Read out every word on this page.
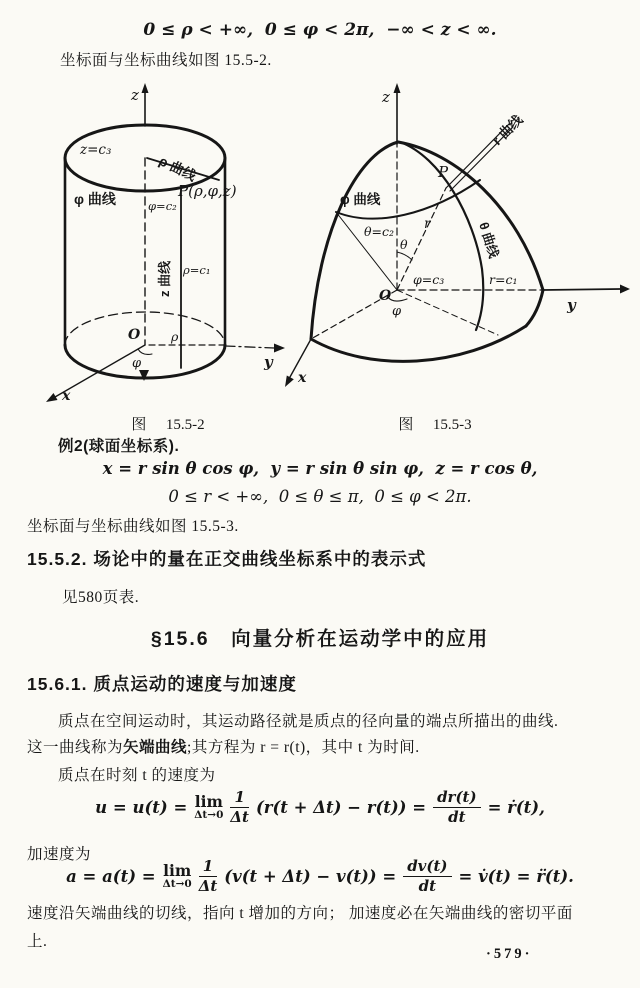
0 ≤ ρ < +∞,  0 ≤ φ < 2π,  −∞ < z < ∞.
坐标面与坐标曲线如图 15.5-2.
z
y
x
z=c₃
ρ 曲线
φ 曲线	φ=c₂
P(ρ,φ,z)
z 曲线 ρ=c₁
O ρ
φ
z
y
x
r 曲线
P
φ 曲线
θ=c₂ r
θ	θ 曲线
φ=c₃	r=c₁
O
φ
图  15.5-2	图  15.5-3
例2(球面坐标系).
x = r sin θ cos φ,  y = r sin θ sin φ,  z = r cos θ,
0 ≤ r < +∞,  0 ≤ θ ≤ π,  0 ≤ φ < 2π.
坐标面与坐标曲线如图 15.5-3.
15.5.2. 场论中的量在正交曲线坐标系中的表示式
见580页表.
§15.6　向量分析在运动学中的应用
15.6.1. 质点运动的速度与加速度
质点在空间运动时，其运动路径就是质点的径向量的端点所描出的曲线.
这一曲线称为矢端曲线;其方程为 r = r(t)，其中 t 为时间.
质点在时刻 t 的速度为
u = u(t) = lim
$\Delta t\to 0 \frac{1}{\Delta t} (r(t + \Delta t) - r(t)) = \frac{dr(t)}{dt}$ = ṙ(t),
加速度为
a = a(t) = lim
$\Delta t\to 0 \frac{1}{\Delta t} (v(t + \Delta t) - v(t)) = \frac{dv(t)}{dt}$ = v̇(t) = r̈(t).
速度沿矢端曲线的切线，指向 t 增加的方向； 加速度必在矢端曲线的密切平面
上.
·579·
